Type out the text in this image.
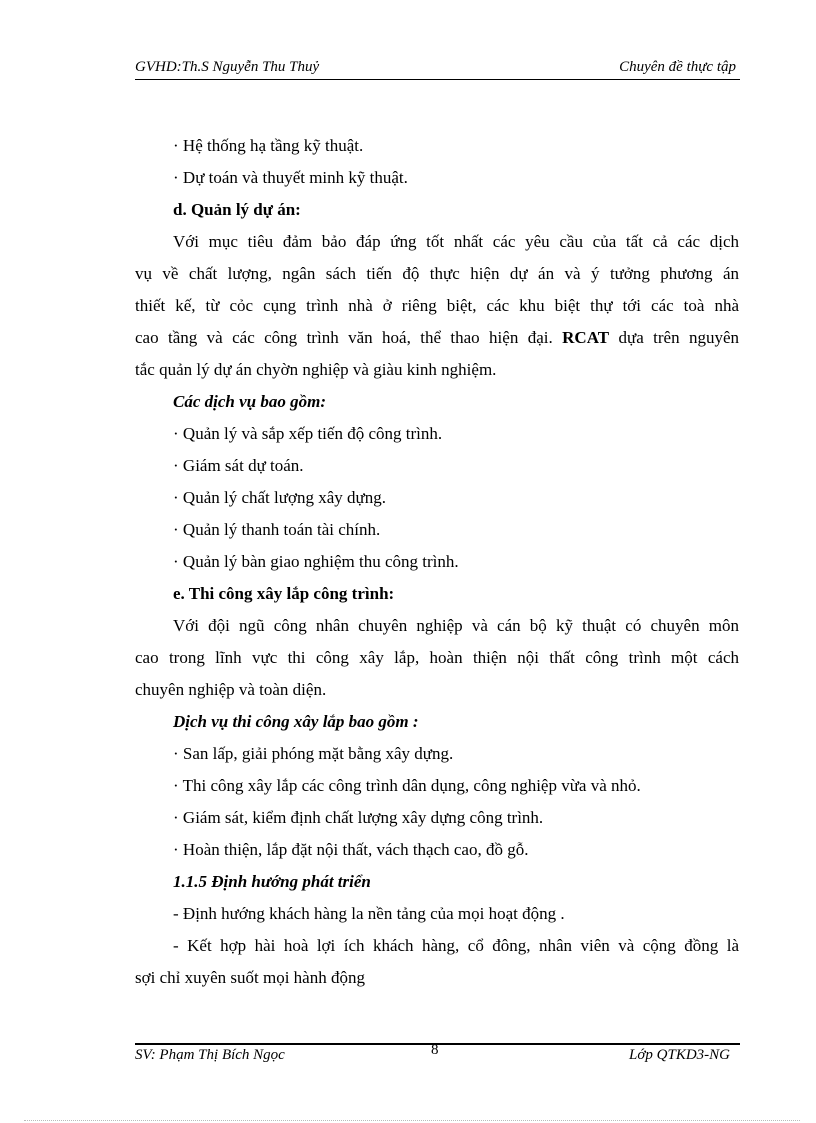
GVHD:Th.S Nguyễn Thu Thuỷ	Chuyên đề thực tập
· Hệ thống hạ tầng kỹ thuật.
· Dự toán và thuyết minh kỹ thuật.
d. Quản lý dự án:
Với mục tiêu đảm bảo đáp ứng tốt nhất các yêu cầu của tất cả các dịch
vụ về chất lượng, ngân sách tiến độ thực hiện dự án và ý tưởng phương án
thiết kế, từ cỏc cụng trình nhà ở riêng biệt, các khu biệt thự tới các toà nhà
cao tầng và các công trình văn hoá, thể thao hiện đại. RCAT dựa trên nguyên
tắc quản lý dự án chyờn nghiệp và giàu kinh nghiệm.
Các dịch vụ bao gồm:
· Quản lý và sắp xếp tiến độ công trình.
· Giám sát dự toán.
· Quản lý chất lượng xây dựng.
· Quản lý thanh toán tài chính.
· Quản lý bàn giao nghiệm thu công trình.
e. Thi công xây lắp công trình:
Với đội ngũ công nhân chuyên nghiệp và cán bộ kỹ thuật có chuyên môn
cao trong lĩnh vực thi công xây lắp, hoàn thiện nội thất công trình một cách
chuyên nghiệp và toàn diện.
Dịch vụ thi công xây lắp bao gồm :
· San lấp, giải phóng mặt bằng xây dựng.
· Thi công xây lắp các công trình dân dụng, công nghiệp vừa và nhỏ.
· Giám sát, kiểm định chất lượng xây dựng công trình.
· Hoàn thiện, lắp đặt nội thất, vách thạch cao, đồ gỗ.
1.1.5 Định hướng phát triển
- Định hướng khách hàng la nền tảng của mọi hoạt động .
- Kết hợp hài hoà lợi ích khách hàng, cổ đông, nhân viên và cộng đồng là
sợi chỉ xuyên suốt mọi hành động
SV: Phạm Thị Bích Ngọc	8	Lớp QTKD3-NG
